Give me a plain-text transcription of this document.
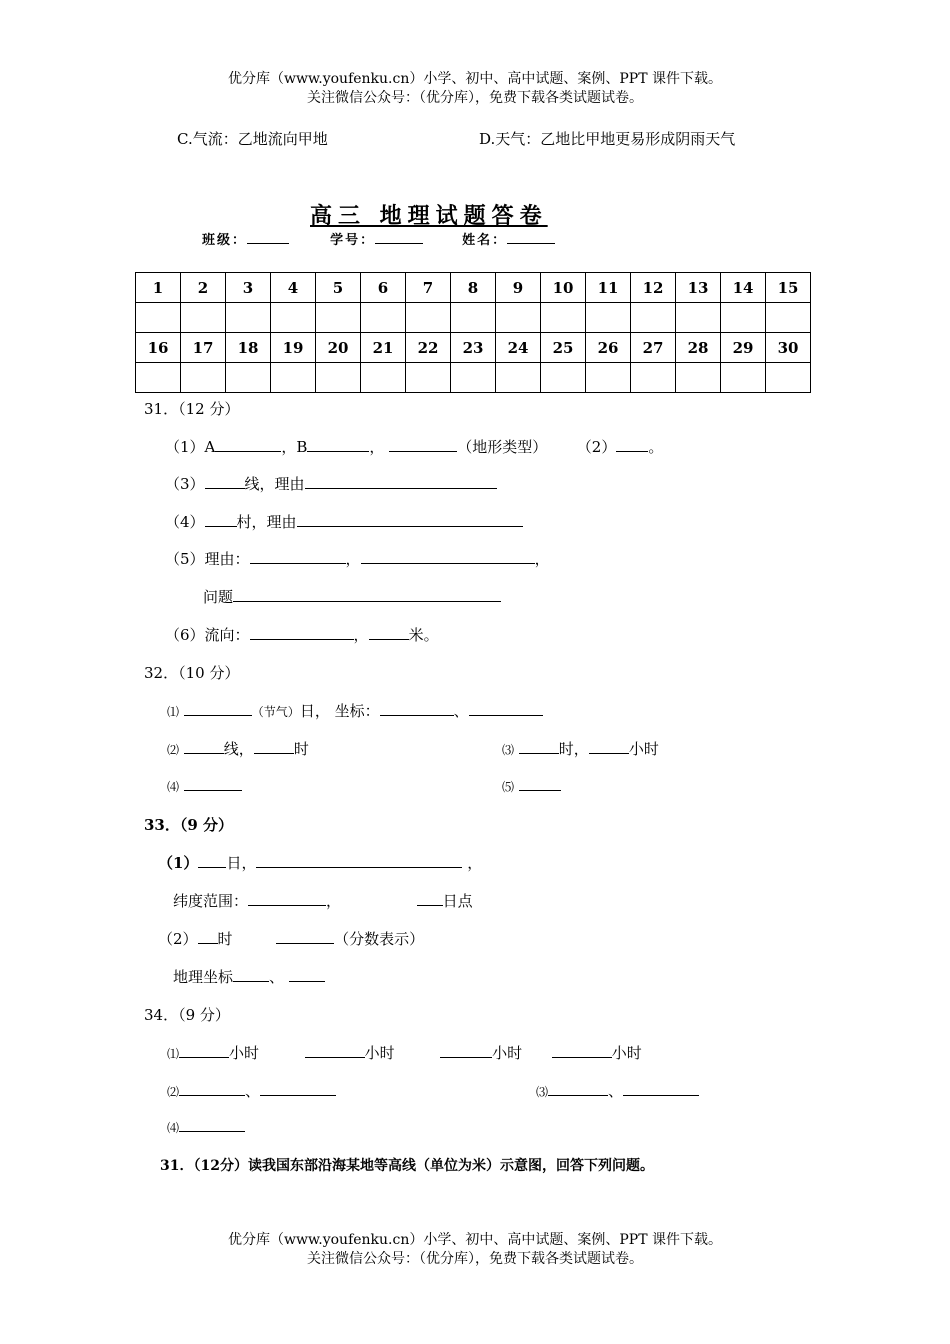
优分库（www.youfenku.cn）小学、初中、高中试题、案例、PPT 课件下载。
关注微信公众号：（优分库），免费下载各类试题试卷。
C.气流：乙地流向甲地	D.天气：乙地比甲地更易形成阴雨天气
高三 地理试题答卷
班级：	学号：	姓名：
1	2	3	4	5	6	7	8	9	10	11	12	13	14	15

16	17	18	19	20	21	22	23	24	25	26	27	28	29	30

31．（12 分）
（1）A	，B	，	（地形类型） （2） 。
（3）	线，理由
（4） 村，理由
（5）理由：	，	，
问题
（6）流向：	，	米。
32．（10 分）
⑴	（节气）日， 坐标：	、
⑵	线，	时	⑶	时，	小时
⑷	⑸
33．（9 分）
（1） 日，	，
纬度范围：	，	日点
（2） 时	（分数表示）
地理坐标 、
34．（9 分）
⑴	小时	小时	小时	小时
⑵	、	⑶	、
⑷
31．（12分）读我国东部沿海某地等高线（单位为米）示意图，回答下列问题。
优分库（www.youfenku.cn）小学、初中、高中试题、案例、PPT 课件下载。
关注微信公众号：（优分库），免费下载各类试题试卷。
